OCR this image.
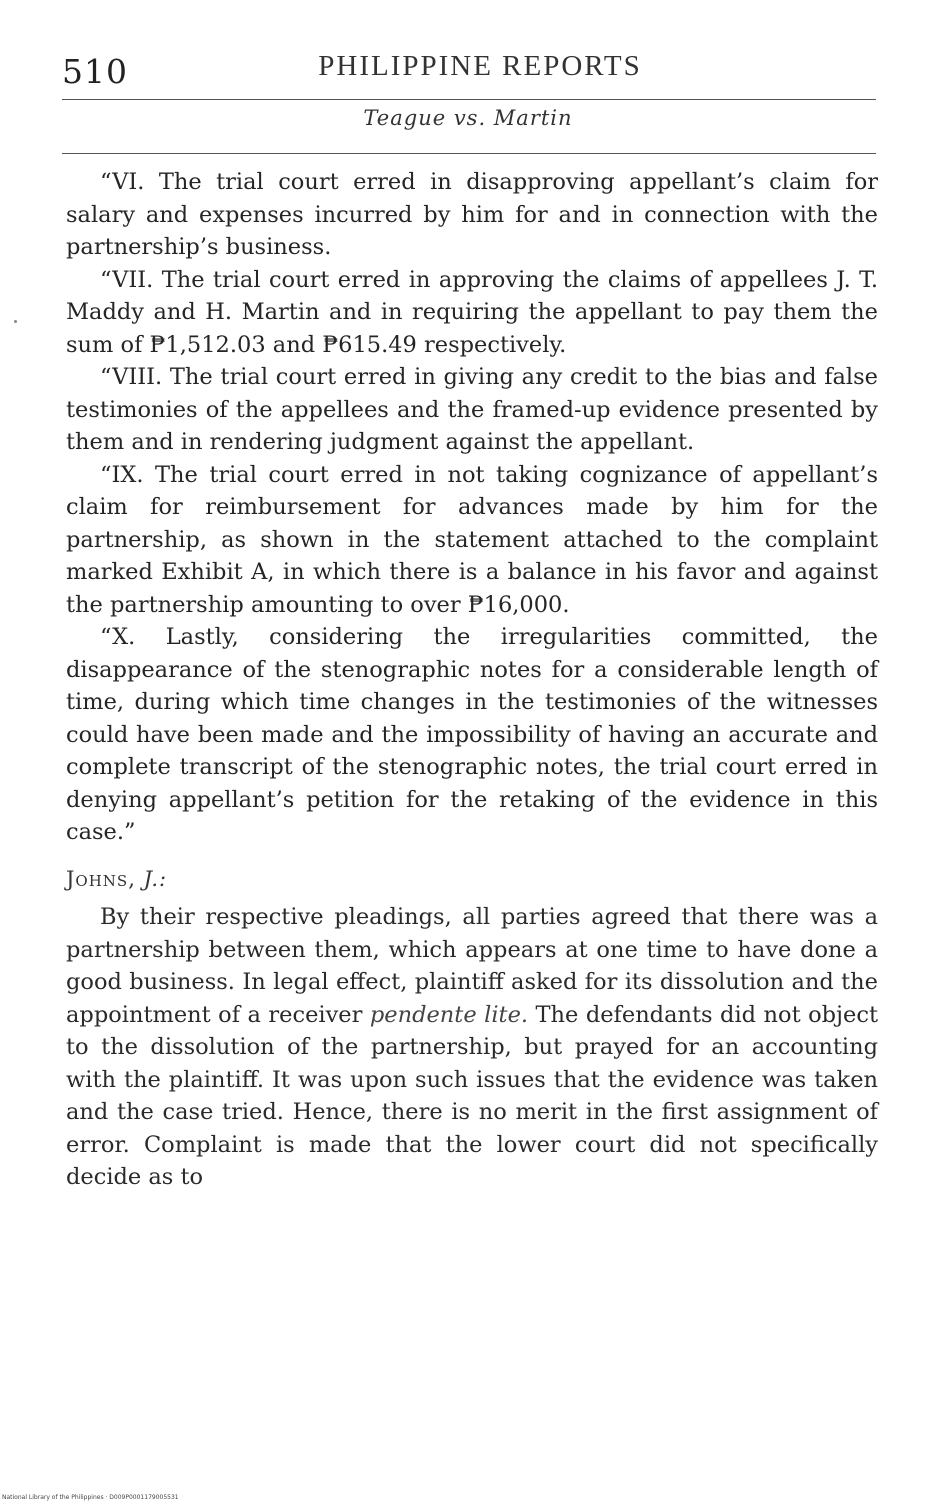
510	PHILIPPINE REPORTS
Teague vs. Martin

“VI. The trial court erred in disapproving appellant’s claim for salary and expenses incurred by him for and in connection with the partnership’s business.

“VII. The trial court erred in approving the claims of appellees J. T. Maddy and H. Martin and in requiring the appellant to pay them the sum of ₱1,512.03 and ₱615.49 respectively.

“VIII. The trial court erred in giving any credit to the bias and false testimonies of the appellees and the framed-up evidence presented by them and in rendering judgment against the appellant.

“IX. The trial court erred in not taking cognizance of appellant’s claim for reimbursement for advances made by him for the partnership, as shown in the statement attached to the complaint marked Exhibit A, in which there is a balance in his favor and against the partnership amounting to over ₱16,000.

“X. Lastly, considering the irregularities committed, the disappearance of the stenographic notes for a considerable length of time, during which time changes in the testimonies of the witnesses could have been made and the impossibility of having an accurate and complete transcript of the stenographic notes, the trial court erred in denying appellant’s petition for the retaking of the evidence in this case.”

Johns, J.:

By their respective pleadings, all parties agreed that there was a partnership between them, which appears at one time to have done a good business. In legal effect, plaintiff asked for its dissolution and the appointment of a receiver pendente lite. The defendants did not object to the dissolution of the partnership, but prayed for an accounting with the plaintiff. It was upon such issues that the evidence was taken and the case tried. Hence, there is no merit in the first assignment of error. Complaint is made that the lower court did not specifically decide as to

National Library of the Philippines · D009P0001179005531
